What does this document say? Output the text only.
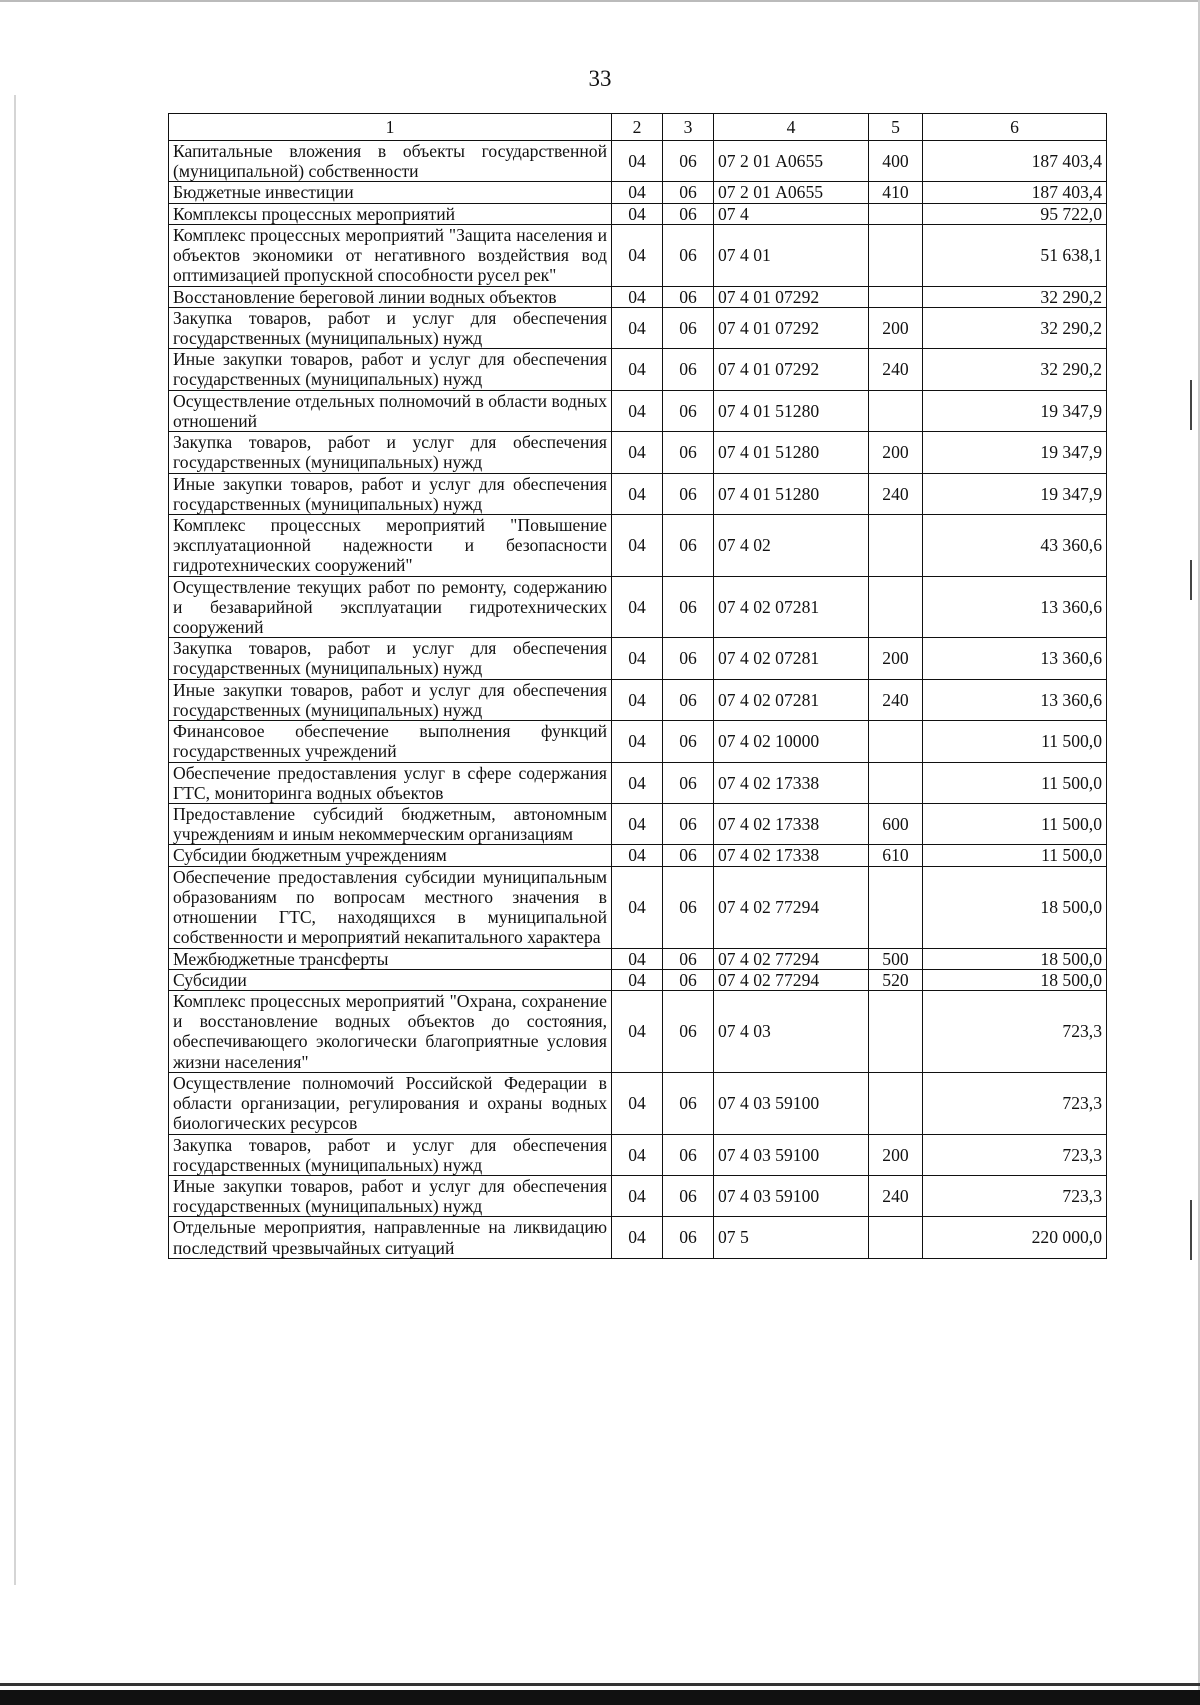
33
1	2	3	4	5	6
Капитальные вложения в объекты государственной (муниципальной) собственности	04	06	07 2 01 А0655	400	187 403,4
Бюджетные инвестиции	04	06	07 2 01 А0655	410	187 403,4
Комплексы процессных мероприятий	04	06	07 4		95 722,0
Комплекс процессных мероприятий "Защита населения и объектов экономики от негативного воздействия вод оптимизацией пропускной способности русел рек"	04	06	07 4 01		51 638,1
Восстановление береговой линии водных объектов	04	06	07 4 01 07292		32 290,2
Закупка товаров, работ и услуг для обеспечения государственных (муниципальных) нужд	04	06	07 4 01 07292	200	32 290,2
Иные закупки товаров, работ и услуг для обеспечения государственных (муниципальных) нужд	04	06	07 4 01 07292	240	32 290,2
Осуществление отдельных полномочий в области водных отношений	04	06	07 4 01 51280		19 347,9
Закупка товаров, работ и услуг для обеспечения государственных (муниципальных) нужд	04	06	07 4 01 51280	200	19 347,9
Иные закупки товаров, работ и услуг для обеспечения государственных (муниципальных) нужд	04	06	07 4 01 51280	240	19 347,9
Комплекс процессных мероприятий "Повышение эксплуатационной надежности и безопасности гидротехнических сооружений"	04	06	07 4 02		43 360,6
Осуществление текущих работ по ремонту, содержанию и безаварийной эксплуатации гидротехнических сооружений	04	06	07 4 02 07281		13 360,6
Закупка товаров, работ и услуг для обеспечения государственных (муниципальных) нужд	04	06	07 4 02 07281	200	13 360,6
Иные закупки товаров, работ и услуг для обеспечения государственных (муниципальных) нужд	04	06	07 4 02 07281	240	13 360,6
Финансовое обеспечение выполнения функций государственных учреждений	04	06	07 4 02 10000		11 500,0
Обеспечение предоставления услуг в сфере содержания ГТС, мониторинга водных объектов	04	06	07 4 02 17338		11 500,0
Предоставление субсидий бюджетным, автономным учреждениям и иным некоммерческим организациям	04	06	07 4 02 17338	600	11 500,0
Субсидии бюджетным учреждениям	04	06	07 4 02 17338	610	11 500,0
Обеспечение предоставления субсидии муниципальным образованиям по вопросам местного значения в отношении ГТС, находящихся в муниципальной собственности и мероприятий некапитального характера	04	06	07 4 02 77294		18 500,0
Межбюджетные трансферты	04	06	07 4 02 77294	500	18 500,0
Субсидии	04	06	07 4 02 77294	520	18 500,0
Комплекс процессных мероприятий "Охрана, сохранение и восстановление водных объектов до состояния, обеспечивающего экологически благоприятные условия жизни населения"	04	06	07 4 03		723,3
Осуществление полномочий Российской Федерации в области организации, регулирования и охраны водных биологических ресурсов	04	06	07 4 03 59100		723,3
Закупка товаров, работ и услуг для обеспечения государственных (муниципальных) нужд	04	06	07 4 03 59100	200	723,3
Иные закупки товаров, работ и услуг для обеспечения государственных (муниципальных) нужд	04	06	07 4 03 59100	240	723,3
Отдельные мероприятия, направленные на ликвидацию последствий чрезвычайных ситуаций	04	06	07 5		220 000,0
